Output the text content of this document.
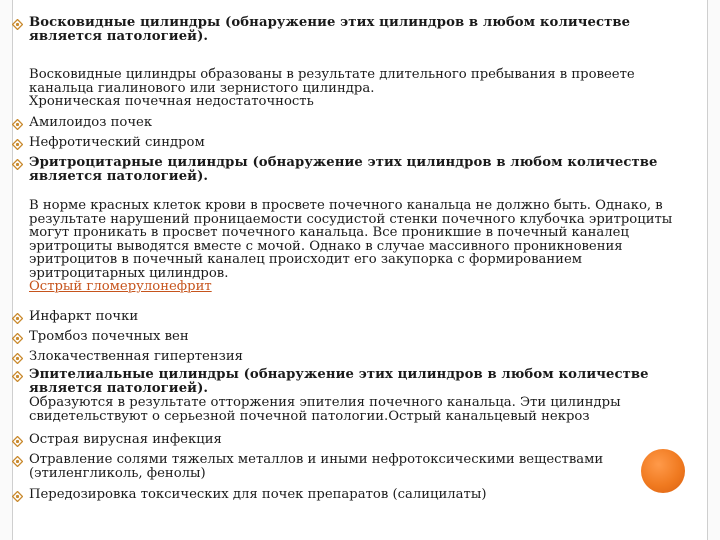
Восковидные цилиндры (обнаружение этих цилиндров в любом количестве является патологией).
Восковидные цилиндры образованы в результате длительного пребывания в провеете
канальца гиалинового или зернистого цилиндра.
Хроническая почечная недостаточность
Амилоидоз почек
Нефротический синдром
Эритроцитарные цилиндры (обнаружение этих цилиндров в любом количестве является патологией).
В норме красных клеток крови в просвете почечного канальца не должно быть. Однако, в
результате нарушений проницаемости сосудистой стенки почечного клубочка эритроциты
могут проникать в просвет почечного канальца. Все проникшие в почечный каналец
эритроциты выводятся вместе с мочой. Однако в случае массивного проникновения
эритроцитов в почечный каналец происходит его закупорка с формированием
эритроцитарных цилиндров.
Острый гломерулонефрит
Инфаркт почки
Тромбоз почечных вен
Злокачественная гипертензия
Эпителиальные цилиндры (обнаружение этих цилиндров в любом количестве является патологией).
Образуются в результате отторжения эпителия почечного канальца. Эти цилиндры
свидетельствуют о серьезной почечной патологии.Острый канальцевый некроз
Острая вирусная инфекция
Отравление солями тяжелых металлов и иными нефротоксическими веществами (этиленгликоль, фенолы)
Передозировка токсических для почек препаратов (салицилаты)
